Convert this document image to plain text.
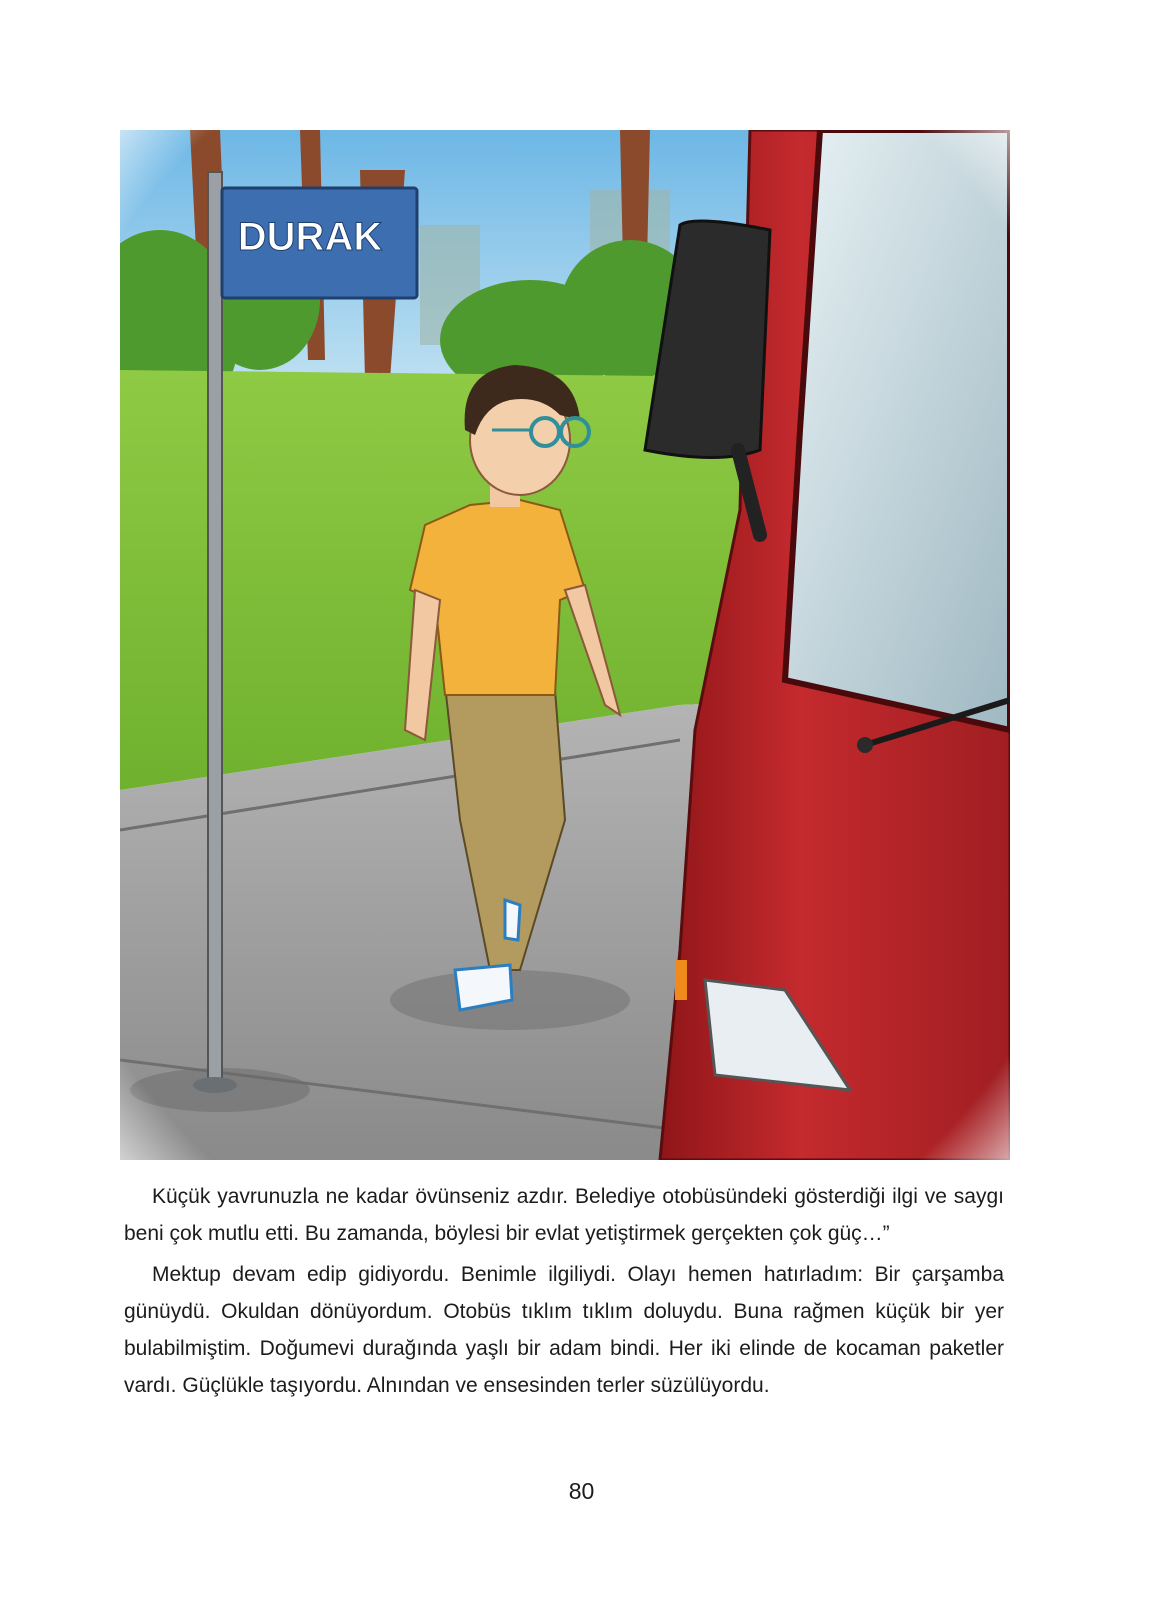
Küçük yavrunuzla ne kadar övünseniz azdır. Belediye otobüsündeki gösterdiği ilgi ve saygı beni çok mutlu etti. Bu zamanda, böylesi bir evlat yetiştirmek gerçekten çok güç…”

Mektup devam edip gidiyordu. Benimle ilgiliydi. Olayı hemen hatırladım: Bir çarşamba günüydü. Okuldan dönüyordum. Otobüs tıklım tıklım doluydu. Buna rağmen küçük bir yer bulabilmiştim. Doğumevi durağında yaşlı bir adam bindi. Her iki elinde de kocaman paketler vardı. Güçlükle taşıyordu. Alnından ve ensesinden terler süzülüyordu.

80
